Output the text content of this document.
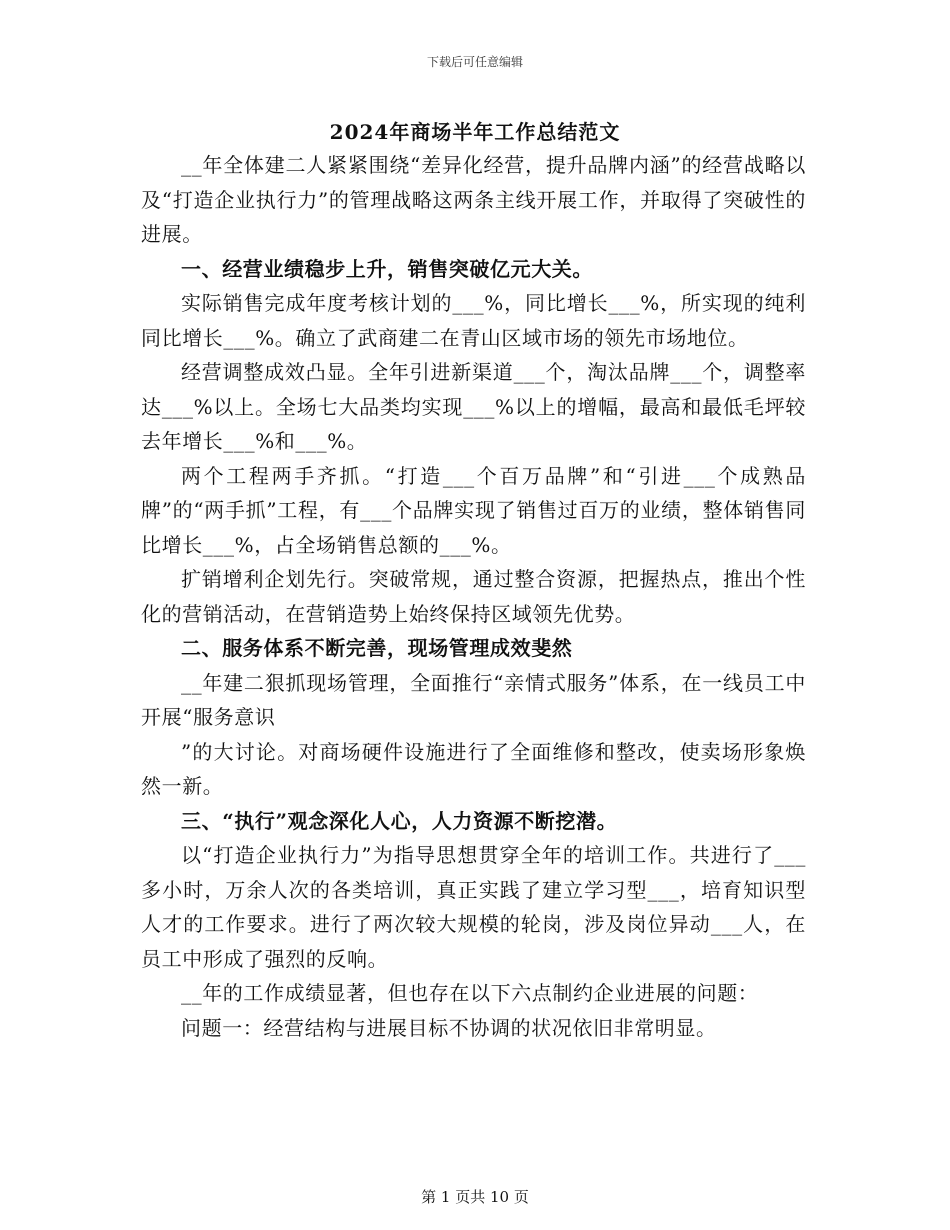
下载后可任意编辑
2024年商场半年工作总结范文

__年全体建二人紧紧围绕“差异化经营，提升品牌内涵”的经营战略以及“打造企业执行力”的管理战略这两条主线开展工作，并取得了突破性的进展。

一、经营业绩稳步上升，销售突破亿元大关。

实际销售完成年度考核计划的___%，同比增长___%，所实现的纯利同比增长___%。确立了武商建二在青山区域市场的领先市场地位。

经营调整成效凸显。全年引进新渠道___个，淘汰品牌___个，调整率达___%以上。全场七大品类均实现___%以上的增幅，最高和最低毛坪较去年增长___%和___%。

两个工程两手齐抓。“打造___个百万品牌”和“引进___个成熟品牌”的“两手抓”工程，有___个品牌实现了销售过百万的业绩，整体销售同比增长___%，占全场销售总额的___%。

扩销增利企划先行。突破常规，通过整合资源，把握热点，推出个性化的营销活动，在营销造势上始终保持区域领先优势。

二、服务体系不断完善，现场管理成效斐然

__年建二狠抓现场管理，全面推行“亲情式服务”体系，在一线员工中开展“服务意识

”的大讨论。对商场硬件设施进行了全面维修和整改，使卖场形象焕然一新。

三、“执行”观念深化人心，人力资源不断挖潜。

以“打造企业执行力”为指导思想贯穿全年的培训工作。共进行了___多小时，万余人次的各类培训，真正实践了建立学习型___，培育知识型人才的工作要求。进行了两次较大规模的轮岗，涉及岗位异动___人，在员工中形成了强烈的反响。

__年的工作成绩显著，但也存在以下六点制约企业进展的问题：

问题一：经营结构与进展目标不协调的状况依旧非常明显。

第 1 页共 10 页
